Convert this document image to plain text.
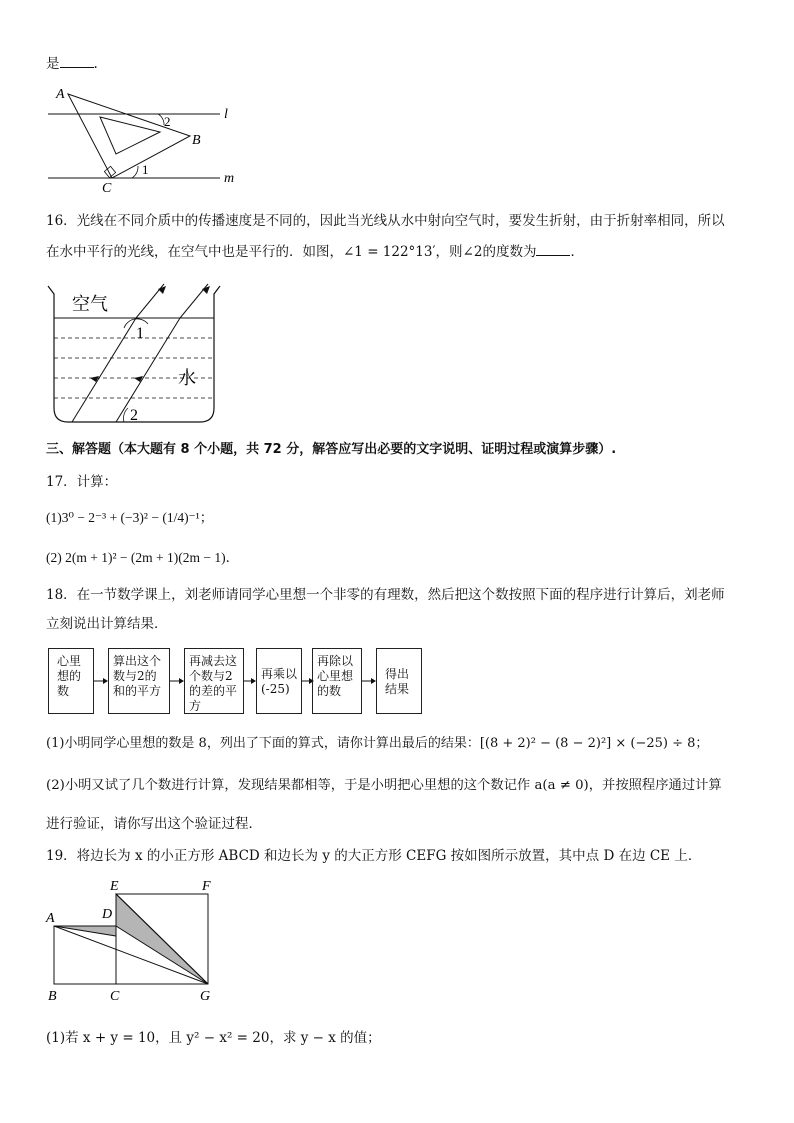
是	.
A
B
C
1
2	l
m
16．光线在不同介质中的传播速度是不同的，因此当光线从水中射向空气时，要发生折射，由于折射率相同，所以
在水中平行的光线，在空气中也是平行的．如图，∠1 = 122°13′，则∠2的度数为	．
空气
水
1
2
三、解答题（本大题有 8 个小题，共 72 分，解答应写出必要的文字说明、证明过程或演算步骤）.
17．计算：
(1)3⁰ − 2⁻³ + (−3)² − (1/4)⁻¹；
(2) 2(m + 1)² − (2m + 1)(2m − 1)．
18．在一节数学课上，刘老师请同学心里想一个非零的有理数，然后把这个数按照下面的程序进行计算后，刘老师
立刻说出计算结果．
心里想的数
算出这个数与2的和的平方
再减去这个数与2的差的平方
再乘以(-25)
再除以心里想的数
得出结果
(1)小明同学心里想的数是 8，列出了下面的算式，请你计算出最后的结果：[(8 + 2)² − (8 − 2)²] × (−25) ÷ 8；
(2)小明又试了几个数进行计算，发现结果都相等，于是小明把心里想的这个数记作 a(a ≠ 0)，并按照程序通过计算
进行验证，请你写出这个验证过程．
19．将边长为 x 的小正方形 ABCD 和边长为 y 的大正方形 CEFG 按如图所示放置，其中点 D 在边 CE 上．
A
B	C
D
E	F
G
(1)若 x + y = 10，且 y² − x² = 20，求 y − x 的值；
